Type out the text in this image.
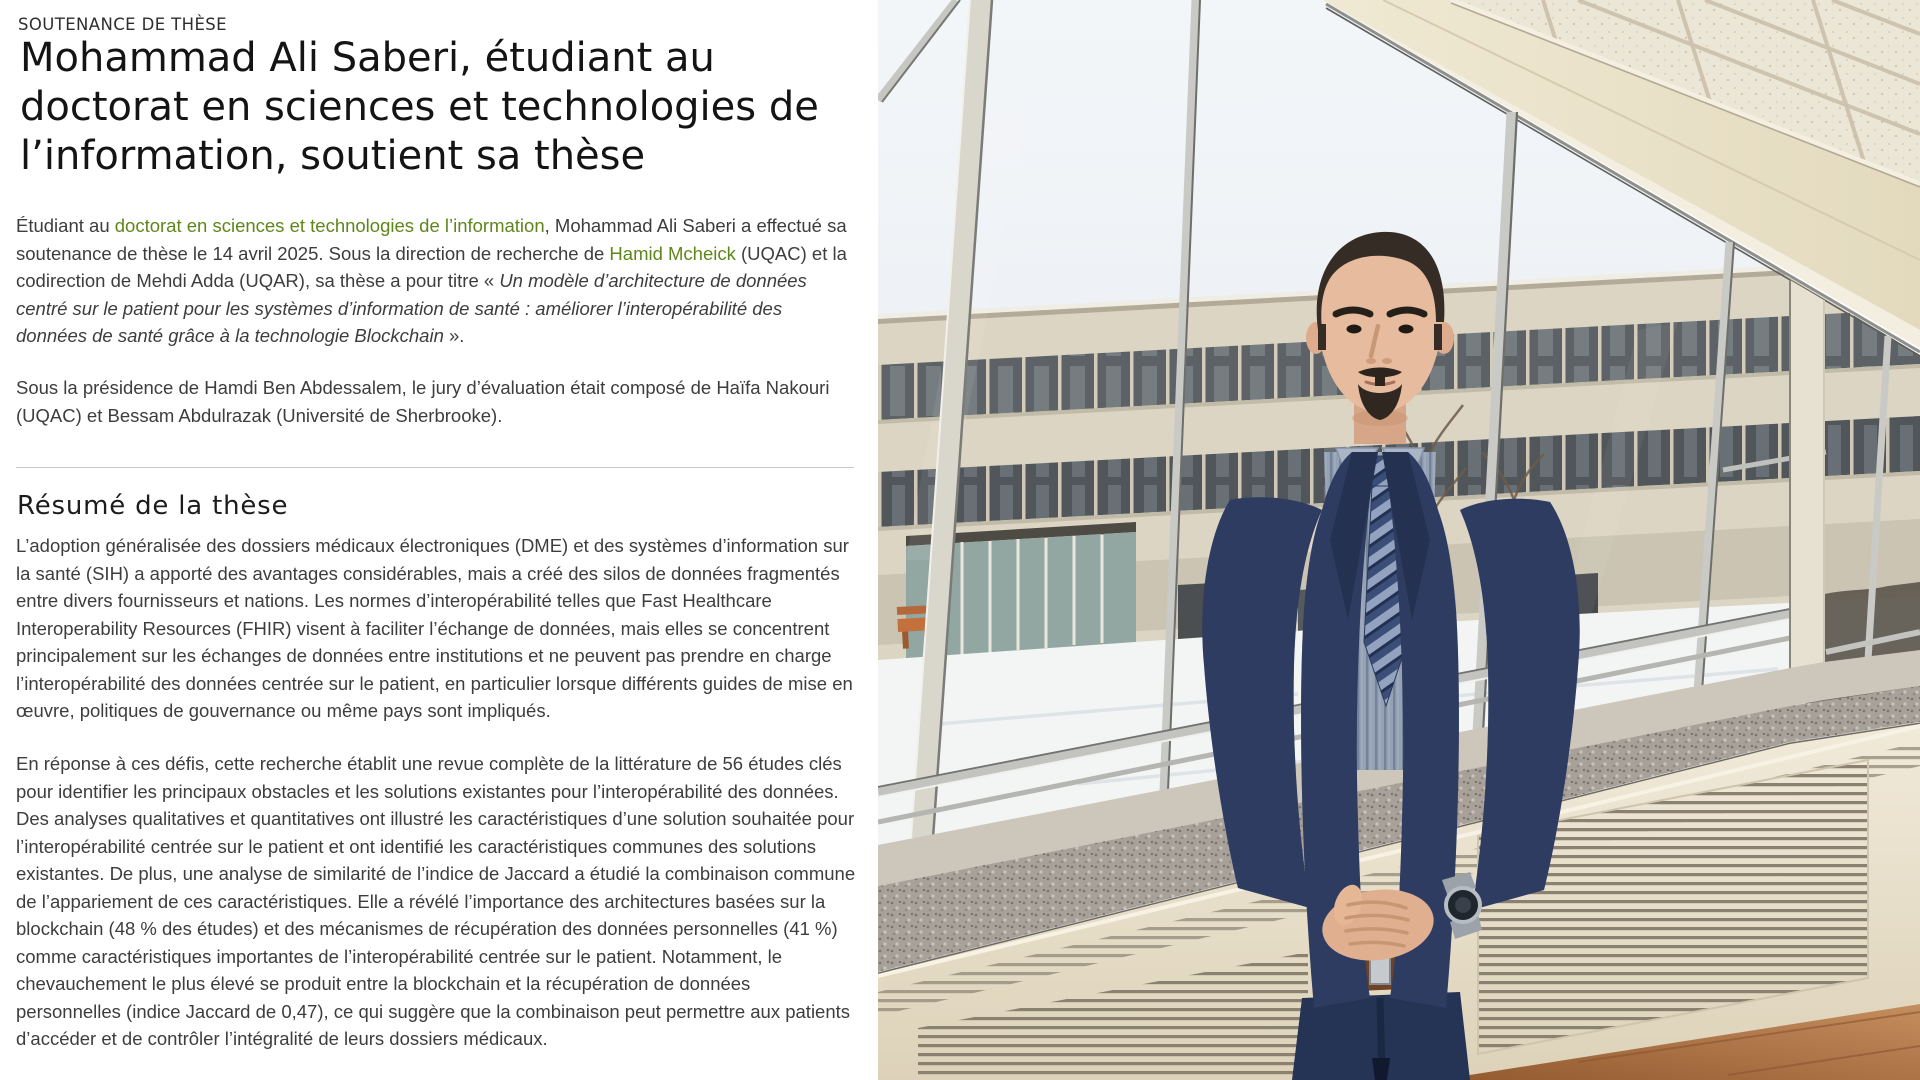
SOUTENANCE DE THÈSE
Mohammad Ali Saberi, étudiant au doctorat en sciences et technologies de l’information, soutient sa thèse

Étudiant au doctorat en sciences et technologies de l’information, Mohammad Ali Saberi a effectué sa soutenance de thèse le 14 avril 2025. Sous la direction de recherche de Hamid Mcheick (UQAC) et la codirection de Mehdi Adda (UQAR), sa thèse a pour titre « Un modèle d’architecture de données centré sur le patient pour les systèmes d’information de santé : améliorer l’interopérabilité des données de santé grâce à la technologie Blockchain ».

Sous la présidence de Hamdi Ben Abdessalem, le jury d’évaluation était composé de Haïfa Nakouri (UQAC) et Bessam Abdulrazak (Université de Sherbrooke).

Résumé de la thèse

L’adoption généralisée des dossiers médicaux électroniques (DME) et des systèmes d’information sur la santé (SIH) a apporté des avantages considérables, mais a créé des silos de données fragmentés entre divers fournisseurs et nations. Les normes d’interopérabilité telles que Fast Healthcare Interoperability Resources (FHIR) visent à faciliter l’échange de données, mais elles se concentrent principalement sur les échanges de données entre institutions et ne peuvent pas prendre en charge l’interopérabilité des données centrée sur le patient, en particulier lorsque différents guides de mise en œuvre, politiques de gouvernance ou même pays sont impliqués.

En réponse à ces défis, cette recherche établit une revue complète de la littérature de 56 études clés pour identifier les principaux obstacles et les solutions existantes pour l’interopérabilité des données. Des analyses qualitatives et quantitatives ont illustré les caractéristiques d’une solution souhaitée pour l’interopérabilité centrée sur le patient et ont identifié les caractéristiques communes des solutions existantes. De plus, une analyse de similarité de l’indice de Jaccard a étudié la combinaison commune de l’appariement de ces caractéristiques. Elle a révélé l’importance des architectures basées sur la blockchain (48 % des études) et des mécanismes de récupération des données personnelles (41 %) comme caractéristiques importantes de l’interopérabilité centrée sur le patient. Notamment, le chevauchement le plus élevé se produit entre la blockchain et la récupération de données personnelles (indice Jaccard de 0,47), ce qui suggère que la combinaison peut permettre aux patients d’accéder et de contrôler l’intégralité de leurs dossiers médicaux.
